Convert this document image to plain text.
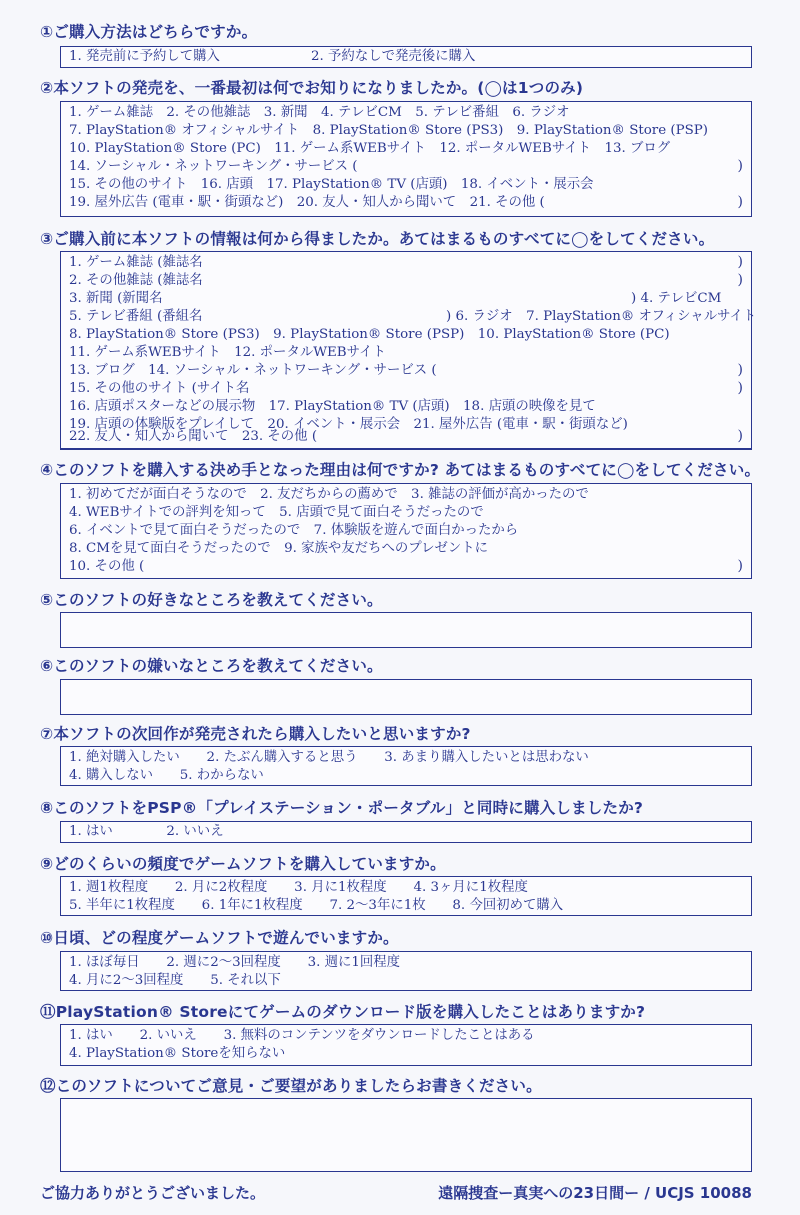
①ご購入方法はどちらですか。
1. 発売前に予約して購入	2. 予約なしで発売後に購入
②本ソフトの発売を、一番最初は何でお知りになりましたか。(◯は1つのみ)
1. ゲーム雑誌　2. その他雑誌　3. 新聞　4. テレビCM　5. テレビ番組　6. ラジオ
7. PlayStation® オフィシャルサイト　8. PlayStation® Store (PS3)　9. PlayStation® Store (PSP)
10. PlayStation® Store (PC)　11. ゲーム系WEBサイト　12. ポータルWEBサイト　13. ブログ
14. ソーシャル・ネットワーキング・サービス (	)
15. その他のサイト　16. 店頭　17. PlayStation® TV (店頭)　18. イベント・展示会
19. 屋外広告 (電車・駅・街頭など)　20. 友人・知人から聞いて　21. その他 (	)
③ご購入前に本ソフトの情報は何から得ましたか。あてはまるものすべてに◯をしてください。
1. ゲーム雑誌 (雑誌名	)
2. その他雑誌 (雑誌名	)
3. 新聞 (新聞名	) 4. テレビCM
5. テレビ番組 (番組名	) 6. ラジオ　7. PlayStation® オフィシャルサイト
8. PlayStation® Store (PS3)　9. PlayStation® Store (PSP)　10. PlayStation® Store (PC)
11. ゲーム系WEBサイト　12. ポータルWEBサイト
13. ブログ　14. ソーシャル・ネットワーキング・サービス (	)
15. その他のサイト (サイト名	)
16. 店頭ポスターなどの展示物　17. PlayStation® TV (店頭)　18. 店頭の映像を見て
19. 店頭の体験版をプレイして　20. イベント・展示会　21. 屋外広告 (電車・駅・街頭など)
22. 友人・知人から聞いて　23. その他 (	)
④このソフトを購入する決め手となった理由は何ですか? あてはまるものすべてに◯をしてください。
1. 初めてだが面白そうなので　2. 友だちからの薦めで　3. 雑誌の評価が高かったので
4. WEBサイトでの評判を知って　5. 店頭で見て面白そうだったので
6. イベントで見て面白そうだったので　7. 体験版を遊んで面白かったから
8. CMを見て面白そうだったので　9. 家族や友だちへのプレゼントに
10. その他 (	)
⑤このソフトの好きなところを教えてください。
⑥このソフトの嫌いなところを教えてください。
⑦本ソフトの次回作が発売されたら購入したいと思いますか?
1. 絶対購入したい　　2. たぶん購入すると思う　　3. あまり購入したいとは思わない
4. 購入しない　　5. わからない
⑧このソフトをPSP®「プレイステーション・ポータブル」と同時に購入しましたか?
1. はい　　　　2. いいえ
⑨どのくらいの頻度でゲームソフトを購入していますか。
1. 週1枚程度　　2. 月に2枚程度　　3. 月に1枚程度　　4. 3ヶ月に1枚程度
5. 半年に1枚程度　　6. 1年に1枚程度　　7. 2～3年に1枚　　8. 今回初めて購入
⑩日頃、どの程度ゲームソフトで遊んでいますか。
1. ほぼ毎日　　2. 週に2～3回程度　　3. 週に1回程度
4. 月に2～3回程度　　5. それ以下
⑪PlayStation® Storeにてゲームのダウンロード版を購入したことはありますか?
1. はい　　2. いいえ　　3. 無料のコンテンツをダウンロードしたことはある
4. PlayStation® Storeを知らない
⑫このソフトについてご意見・ご要望がありましたらお書きください。
ご協力ありがとうございました。	遠隔捜査ー真実への23日間ー / UCJS 10088
